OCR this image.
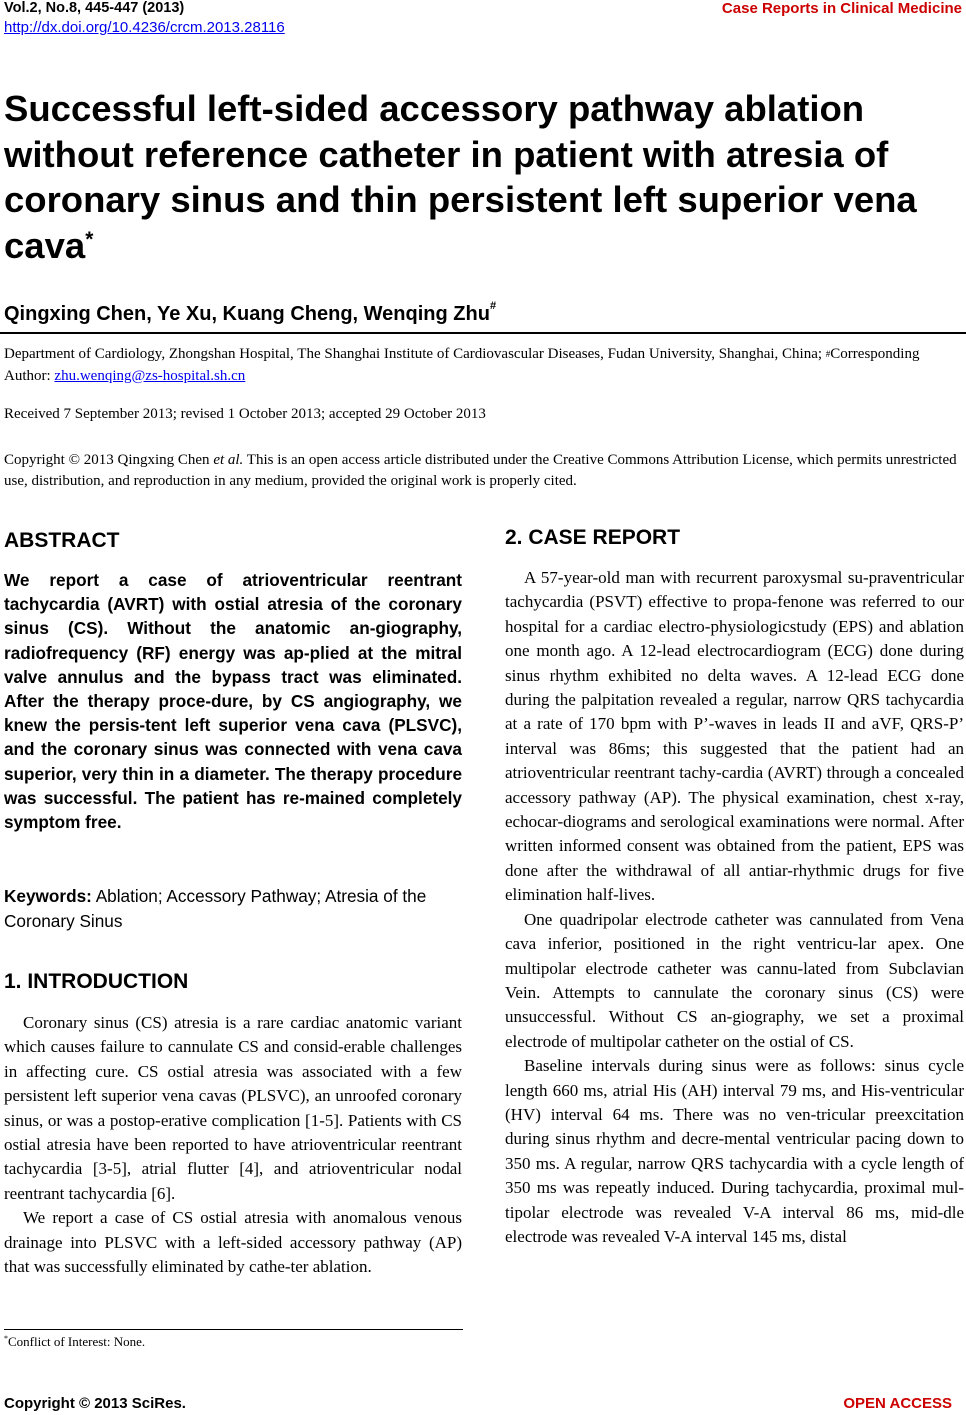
Vol.2, No.8, 445-447 (2013)
http://dx.doi.org/10.4236/crcm.2013.28116
Case Reports in Clinical Medicine
Successful left-sided accessory pathway ablation without reference catheter in patient with atresia of coronary sinus and thin persistent left superior vena cava*
Qingxing Chen, Ye Xu, Kuang Cheng, Wenqing Zhu#
Department of Cardiology, Zhongshan Hospital, The Shanghai Institute of Cardiovascular Diseases, Fudan University, Shanghai, China; #Corresponding Author: zhu.wenqing@zs-hospital.sh.cn
Received 7 September 2013; revised 1 October 2013; accepted 29 October 2013
Copyright © 2013 Qingxing Chen et al. This is an open access article distributed under the Creative Commons Attribution License, which permits unrestricted use, distribution, and reproduction in any medium, provided the original work is properly cited.
ABSTRACT
We report a case of atrioventricular reentrant tachycardia (AVRT) with ostial atresia of the coronary sinus (CS). Without the anatomic an-giography, radiofrequency (RF) energy was ap-plied at the mitral valve annulus and the bypass tract was eliminated. After the therapy proce-dure, by CS angiography, we knew the persis-tent left superior vena cava (PLSVC), and the coronary sinus was connected with vena cava superior, very thin in a diameter. The therapy procedure was successful. The patient has re-mained completely symptom free.
Keywords: Ablation; Accessory Pathway; Atresia of the Coronary Sinus
1. INTRODUCTION

Coronary sinus (CS) atresia is a rare cardiac anatomic variant which causes failure to cannulate CS and consid-erable challenges in affecting cure. CS ostial atresia was associated with a few persistent left superior vena cavas (PLSVC), an unroofed coronary sinus, or was a postop-erative complication [1-5]. Patients with CS ostial atresia have been reported to have atrioventricular reentrant tachycardia [3-5], atrial flutter [4], and atrioventricular nodal reentrant tachycardia [6].

We report a case of CS ostial atresia with anomalous venous drainage into PLSVC with a left-sided accessory pathway (AP) that was successfully eliminated by cathe-ter ablation.

*Conflict of Interest: None.
2. CASE REPORT

A 57-year-old man with recurrent paroxysmal su-praventricular tachycardia (PSVT) effective to propa-fenone was referred to our hospital for a cardiac electro-physiologicstudy (EPS) and ablation one month ago. A 12-lead electrocardiogram (ECG) done during sinus rhythm exhibited no delta waves. A 12-lead ECG done during the palpitation revealed a regular, narrow QRS tachycardia at a rate of 170 bpm with P’-waves in leads II and aVF, QRS-P’ interval was 86ms; this suggested that the patient had an atrioventricular reentrant tachy-cardia (AVRT) through a concealed accessory pathway (AP). The physical examination, chest x-ray, echocar-diograms and serological examinations were normal. After written informed consent was obtained from the patient, EPS was done after the withdrawal of all antiar-rhythmic drugs for five elimination half-lives.

One quadripolar electrode catheter was cannulated from Vena cava inferior, positioned in the right ventricu-lar apex. One multipolar electrode catheter was cannu-lated from Subclavian Vein. Attempts to cannulate the coronary sinus (CS) were unsuccessful. Without CS an-giography, we set a proximal electrode of multipolar catheter on the ostial of CS.

Baseline intervals during sinus were as follows: sinus cycle length 660 ms, atrial His (AH) interval 79 ms, and His-ventricular (HV) interval 64 ms. There was no ven-tricular preexcitation during sinus rhythm and decre-mental ventricular pacing down to 350 ms. A regular, narrow QRS tachycardia with a cycle length of 350 ms was repeatly induced. During tachycardia, proximal mul-tipolar electrode was revealed V-A interval 86 ms, mid-dle electrode was revealed V-A interval 145 ms, distal

Copyright © 2013 SciRes.	OPEN ACCESS
